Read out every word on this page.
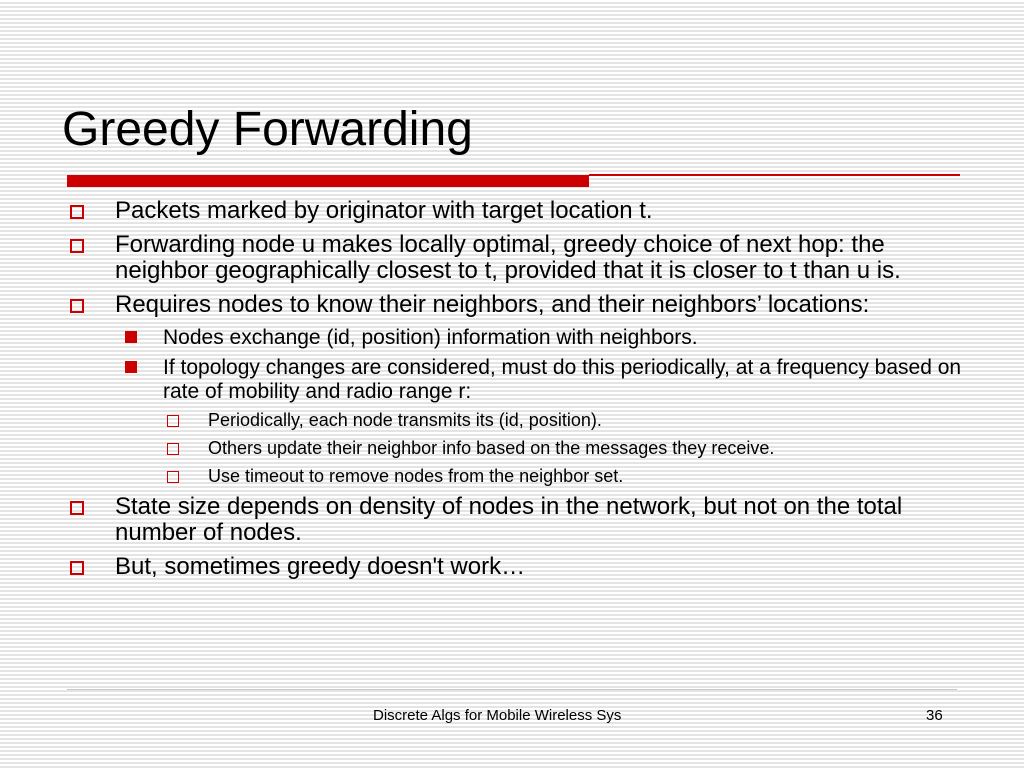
Greedy Forwarding
Packets marked by originator with target location t.
Forwarding node u makes locally optimal, greedy choice of next hop: the neighbor geographically closest to t, provided that it is closer to t than u is.
Requires nodes to know their neighbors, and their neighbors’ locations:
Nodes exchange (id, position) information with neighbors.
If topology changes are considered, must do this periodically, at a frequency based on rate of mobility and radio range r:
Periodically, each node transmits its (id, position).
Others update their neighbor info based on the messages they receive.
Use timeout to remove nodes from the neighbor set.
State size depends on density of nodes in the network, but not on the total number of nodes.
But, sometimes greedy doesn't work…
Discrete Algs for Mobile Wireless Sys	36
